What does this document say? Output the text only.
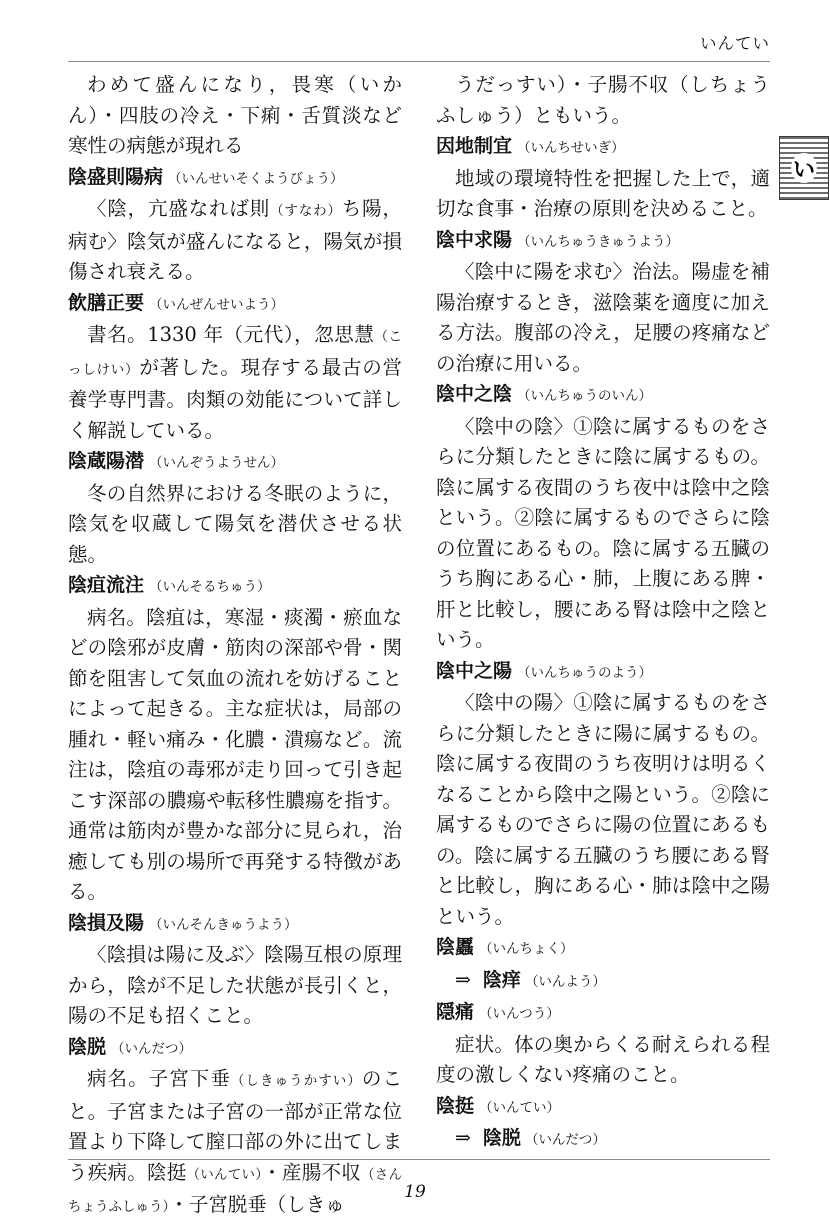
いんてい
い

わめて盛んになり，畏寒（いかん）・四肢の冷え・下痢・舌質淡など寒性の病態が現れる

陰盛則陽病 （いんせいそくようびょう）

〈陰，亢盛なれば則（すなわ）ち陽，病む〉陰気が盛んになると，陽気が損傷され衰える。

飲膳正要 （いんぜんせいよう）

書名。1330 年（元代），忽思慧（こっしけい）が著した。現存する最古の営養学専門書。肉類の効能について詳しく解説している。

陰蔵陽潜 （いんぞうようせん）

冬の自然界における冬眠のように，陰気を収蔵して陽気を潜伏させる状態。

陰疽流注 （いんそるちゅう）

病名。陰疽は，寒湿・痰濁・瘀血などの陰邪が皮膚・筋肉の深部や骨・関節を阻害して気血の流れを妨げることによって起きる。主な症状は，局部の腫れ・軽い痛み・化膿・潰瘍など。流注は，陰疽の毒邪が走り回って引き起こす深部の膿瘍や転移性膿瘍を指す。通常は筋肉が豊かな部分に見られ，治癒しても別の場所で再発する特徴がある。

陰損及陽 （いんそんきゅうよう）

〈陰損は陽に及ぶ〉陰陽互根の原理から，陰が不足した状態が長引くと，陽の不足も招くこと。

陰脱 （いんだつ）

病名。子宮下垂（しきゅうかすい）のこと。子宮または子宮の一部が正常な位置より下降して膣口部の外に出てしまう疾病。陰挺（いんてい）・産腸不収（さんちょうふしゅう）・子宮脱垂（しきゅ

うだっすい）・子腸不収（しちょうふしゅう）ともいう。

因地制宜 （いんちせいぎ）

地域の環境特性を把握した上で，適切な食事・治療の原則を決めること。

陰中求陽 （いんちゅうきゅうよう）

〈陰中に陽を求む〉治法。陽虚を補陽治療するとき，滋陰薬を適度に加える方法。腹部の冷え，足腰の疼痛などの治療に用いる。

陰中之陰 （いんちゅうのいん）

〈陰中の陰〉①陰に属するものをさらに分類したときに陰に属するもの。陰に属する夜間のうち夜中は陰中之陰という。②陰に属するものでさらに陰の位置にあるもの。陰に属する五臓のうち胸にある心・肺，上腹にある脾・肝と比較し，腰にある腎は陰中之陰という。

陰中之陽 （いんちゅうのよう）

〈陰中の陽〉①陰に属するものをさらに分類したときに陽に属するもの。陰に属する夜間のうち夜明けは明るくなることから陰中之陽という。②陰に属するものでさらに陽の位置にあるもの。陰に属する五臓のうち腰にある腎と比較し，胸にある心・肺は陰中之陽という。

陰䘌 （いんちょく）

⇒ 陰痒 （いんよう）

隠痛 （いんつう）

症状。体の奥からくる耐えられる程度の激しくない疼痛のこと。

陰挺 （いんてい）

⇒ 陰脱 （いんだつ）

19
